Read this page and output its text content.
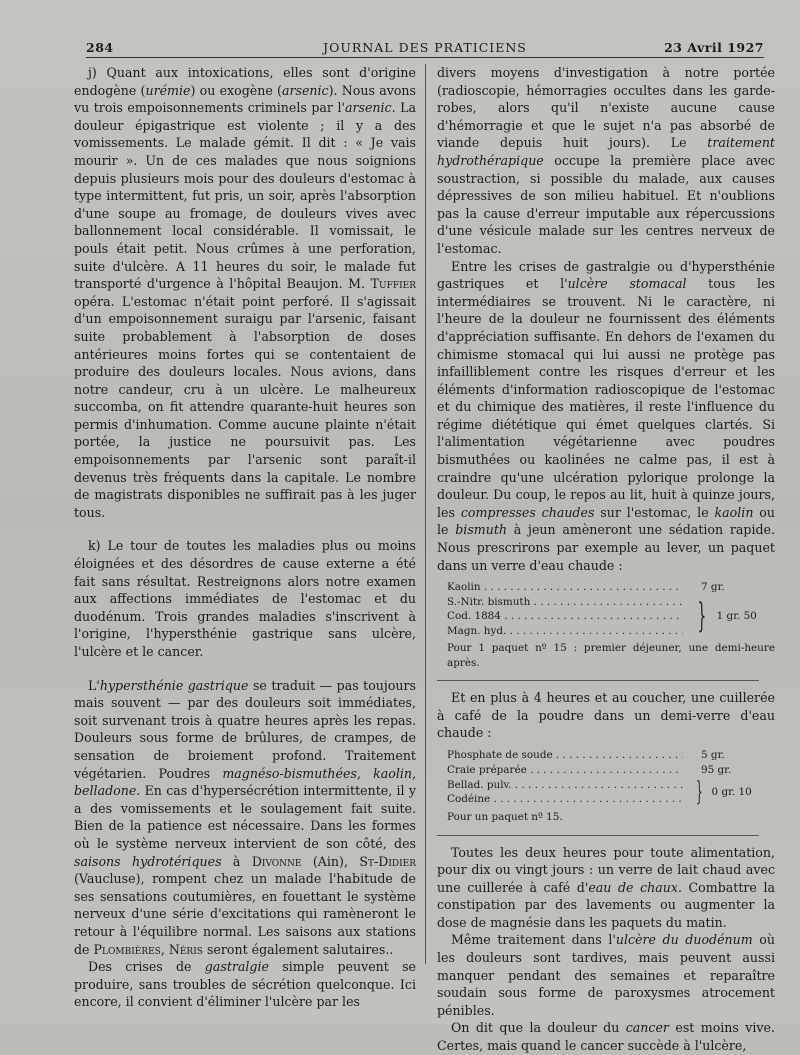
284	JOURNAL DES PRATICIENS	23 Avril 1927

j) Quant aux intoxications, elles sont d'origine endogène (urémie) ou exogène (arsenic). Nous avons vu trois empoisonnements criminels par l'arsenic. La douleur épigastrique est violente ; il y a des vomissements. Le malade gémit. Il dit : « Je vais mourir ». Un de ces malades que nous soignions depuis plusieurs mois pour des douleurs d'estomac à type intermittent, fut pris, un soir, après l'absorption d'une soupe au fromage, de douleurs vives avec ballonnement local considérable. Il vomissait, le pouls était petit. Nous crûmes à une perforation, suite d'ulcère. A 11 heures du soir, le malade fut transporté d'urgence à l'hôpital Beaujon. M. Tuffier opéra. L'estomac n'était point perforé. Il s'agissait d'un empoisonnement suraigu par l'arsenic, faisant suite probablement à l'absorption de doses antérieures moins fortes qui se contentaient de produire des douleurs locales. Nous avions, dans notre candeur, cru à un ulcère. Le malheureux succomba, on fit attendre quarante-huit heures son permis d'inhumation. Comme aucune plainte n'était portée, la justice ne poursuivit pas. Les empoisonnements par l'arsenic sont paraît-il devenus très fréquents dans la capitale. Le nombre de magistrats disponibles ne suffirait pas à les juger tous.

k) Le tour de toutes les maladies plus ou moins éloignées et des désordres de cause externe a été fait sans résultat. Restreignons alors notre examen aux affections immédiates de l'estomac et du duodénum. Trois grandes maladies s'inscrivent à l'origine, l'hypersthénie gastrique sans ulcère, l'ulcère et le cancer.

L'hypersthénie gastrique se traduit — pas toujours mais souvent — par des douleurs soit immédiates, soit survenant trois à quatre heures après les repas. Douleurs sous forme de brûlures, de crampes, de sensation de broiement profond. Traitement végétarien. Poudres magnéso-bismuthées, kaolin, belladone. En cas d'hypersécrétion intermittente, il y a des vomissements et le soulagement fait suite. Bien de la patience est nécessaire. Dans les formes où le système nerveux intervient de son côté, des saisons hydrotériques à Divonne (Ain), St-Didier (Vaucluse), rompent chez un malade l'habitude de ses sensations coutumières, en fouettant le système nerveux d'une série d'excitations qui ramèneront le retour à l'équilibre normal. Les saisons aux stations de Plombières, Néris seront également salutaires..

Des crises de gastralgie simple peuvent se produire, sans troubles de sécrétion quelconque. Ici encore, il convient d'éliminer l'ulcère par les

divers moyens d'investigation à notre portée (radioscopie, hémorragies occultes dans les garde-robes, alors qu'il n'existe aucune cause d'hémorragie et que le sujet n'a pas absorbé de viande depuis huit jours). Le traitement hydrothérapique occupe la première place avec soustraction, si possible du malade, aux causes dépressives de son milieu habituel. Et n'oublions pas la cause d'erreur imputable aux répercussions d'une vésicule malade sur les centres nerveux de l'estomac.

Entre les crises de gastralgie ou d'hypersthénie gastriques et l'ulcère stomacal tous les intermédiaires se trouvent. Ni le caractère, ni l'heure de la douleur ne fournissent des éléments d'appréciation suffisante. En dehors de l'examen du chimisme stomacal qui lui aussi ne protège pas infailliblement contre les risques d'erreur et les éléments d'information radioscopique de l'estomac et du chimique des matières, il reste l'influence du régime diététique qui émet quelques clartés. Si l'alimentation végétarienne avec poudres bismuthées ou kaolinées ne calme pas, il est à craindre qu'une ulcération pylorique prolonge la douleur. Du coup, le repos au lit, huit à quinze jours, les compresses chaudes sur l'estomac, le kaolin ou le bismuth à jeun amèneront une sédation rapide. Nous prescrirons par exemple au lever, un paquet dans un verre d'eau chaude :

Kaolin . . .	7 gr.
S.-Nitr. bismuth . . .
Cod. 1884 . . .
Magn. hyd. . . .	} 1 gr. 50

Pour 1 paquet nº 15 : premier déjeuner, une demi-heure après.

Et en plus à 4 heures et au coucher, une cuillerée à café de la poudre dans un demi-verre d'eau chaude :

Phosphate de soude . . .	5 gr.
Craie préparée . . .	95 gr.
Bellad. pulv. . . .
Codéine . . .	} 0 gr. 10

Pour un paquet nº 15.

Toutes les deux heures pour toute alimentation, pour dix ou vingt jours : un verre de lait chaud avec une cuillerée à café d'eau de chaux. Combattre la constipation par des lavements ou augmenter la dose de magnésie dans les paquets du matin.

Même traitement dans l'ulcère du duodénum où les douleurs sont tardives, mais peuvent aussi manquer pendant des semaines et reparaître soudain sous forme de paroxysmes atrocement pénibles.

On dit que la douleur du cancer est moins vive. Certes, mais quand le cancer succède à l'ulcère,
